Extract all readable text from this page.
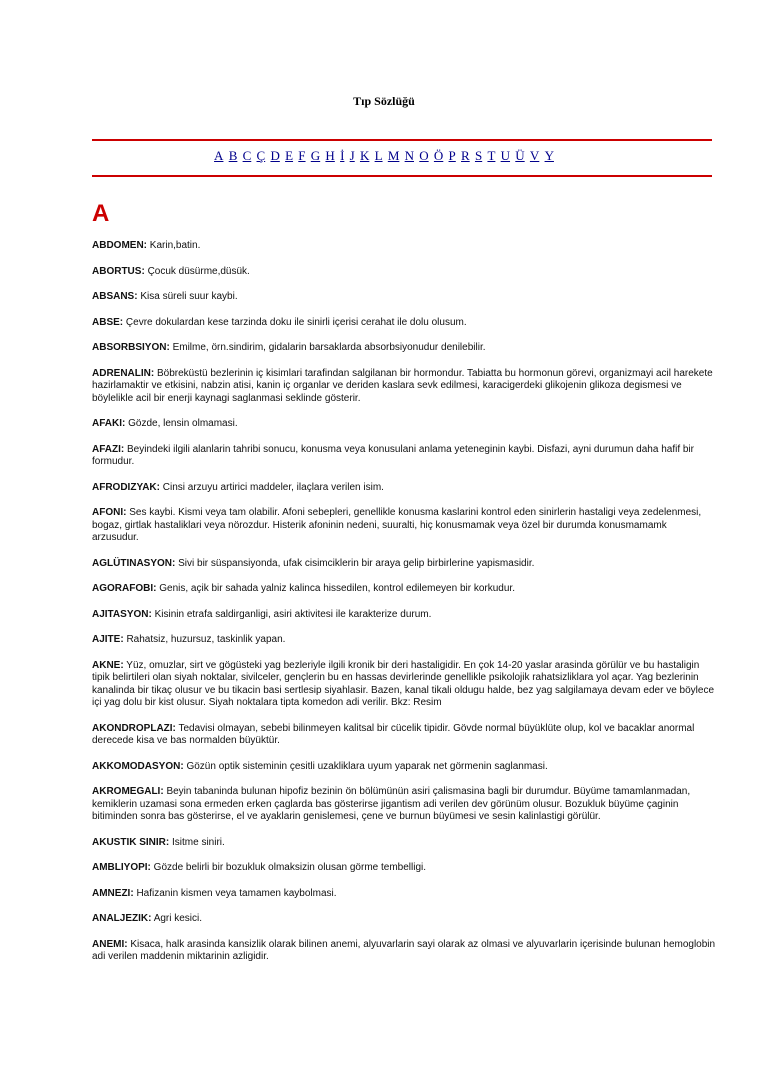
Tıp Sözlüğü
A B C Ç D E F G H İ J K L M N O Ö P R S T U Ü V Y
A
ABDOMEN: Karin,batin.
ABORTUS: Çocuk düsürme,düsük.
ABSANS: Kisa süreli suur kaybi.
ABSE: Çevre dokulardan kese tarzinda doku ile sinirli içerisi cerahat ile dolu olusum.
ABSORBSIYON: Emilme, örn.sindirim, gidalarin barsaklarda absorbsiyonudur denilebilir.
ADRENALIN: Böbreküstü bezlerinin iç kisimlari tarafindan salgilanan bir hormondur. Tabiatta bu hormonun görevi, organizmayi acil harekete hazirlamaktir ve etkisini, nabzin atisi, kanin iç organlar ve deriden kaslara sevk edilmesi, karacigerdeki glikojenin glikoza degismesi ve böylelikle acil bir enerji kaynagi saglanmasi seklinde gösterir.
AFAKI: Gözde, lensin olmamasi.
AFAZI: Beyindeki ilgili alanlarin tahribi sonucu, konusma veya konusulani anlama yeteneginin kaybi. Disfazi, ayni durumun daha hafif bir formudur.
AFRODIZYAK: Cinsi arzuyu artirici maddeler, ilaçlara verilen isim.
AFONI: Ses kaybi. Kismi veya tam olabilir. Afoni sebepleri, genellikle konusma kaslarini kontrol eden sinirlerin hastaligi veya zedelenmesi, bogaz, girtlak hastaliklari veya nörozdur. Histerik afoninin nedeni, suuralti, hiç konusmamak veya özel bir durumda konusmamamk arzusudur.
AGLÜTINASYON: Sivi bir süspansiyonda, ufak cisimciklerin bir araya gelip birbirlerine yapismasidir.
AGORAFOBI: Genis, açik bir sahada yalniz kalinca hissedilen, kontrol edilemeyen bir korkudur.
AJITASYON: Kisinin etrafa saldirganligi, asiri aktivitesi ile karakterize durum.
AJITE: Rahatsiz, huzursuz, taskinlik yapan.
AKNE: Yüz, omuzlar, sirt ve gögüsteki yag bezleriyle ilgili kronik bir deri hastaligidir. En çok 14-20 yaslar arasinda görülür ve bu hastaligin tipik belirtileri olan siyah noktalar, sivilceler, gençlerin bu en hassas devirlerinde genellikle psikolojik rahatsizliklara yol açar. Yag bezlerinin kanalinda bir tikaç olusur ve bu tikacin basi sertlesip siyahlasir. Bazen, kanal tikali oldugu halde, bez yag salgilamaya devam eder ve böylece içi yag dolu bir kist olusur. Siyah noktalara tipta komedon adi verilir. Bkz: Resim
AKONDROPLAZI: Tedavisi olmayan, sebebi bilinmeyen kalitsal bir cücelik tipidir. Gövde normal büyüklüte olup, kol ve bacaklar anormal derecede kisa ve bas normalden büyüktür.
AKKOMODASYON: Gözün optik sisteminin çesitli uzakliklara uyum yaparak net görmenin saglanmasi.
AKROMEGALI: Beyin tabaninda bulunan hipofiz bezinin ön bölümünün asiri çalismasina bagli bir durumdur. Büyüme tamamlanmadan, kemiklerin uzamasi sona ermeden erken çaglarda bas gösterirse jigantism adi verilen dev görünüm olusur. Bozukluk büyüme çaginin bitiminden sonra bas gösterirse, el ve ayaklarin genislemesi, çene ve burnun büyümesi ve sesin kalinlastigi görülür.
AKUSTIK SINIR: Isitme siniri.
AMBLIYOPI: Gözde belirli bir bozukluk olmaksizin olusan görme tembelligi.
AMNEZI: Hafizanin kismen veya tamamen kaybolmasi.
ANALJEZIK: Agri kesici.
ANEMI: Kisaca, halk arasinda kansizlik olarak bilinen anemi, alyuvarlarin sayi olarak az olmasi ve alyuvarlarin içerisinde bulunan hemoglobin adi verilen maddenin miktarinin azligidir.
